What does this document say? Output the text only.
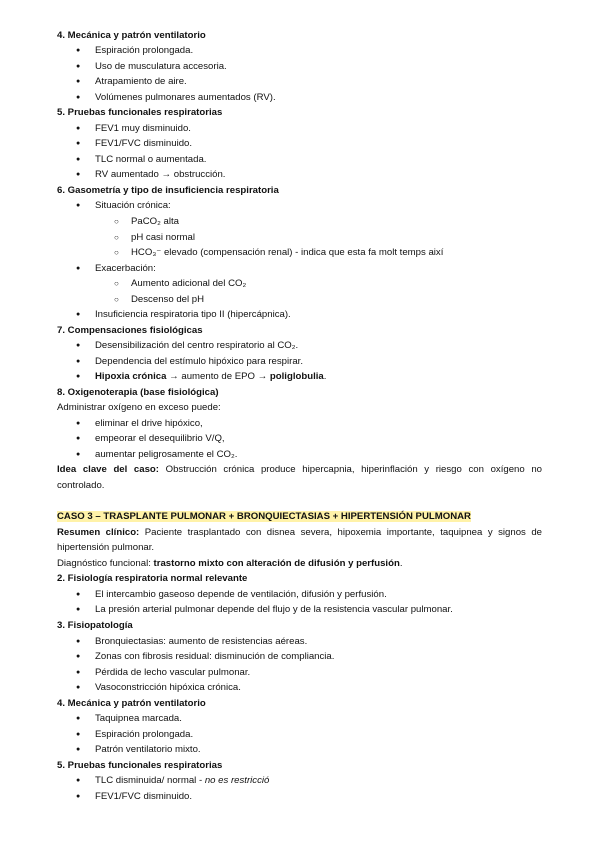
4. Mecánica y patrón ventilatorio
● Espiración prolongada.
● Uso de musculatura accesoria.
● Atrapamiento de aire.
● Volúmenes pulmonares aumentados (RV).
5. Pruebas funcionales respiratorias
● FEV1 muy disminuido.
● FEV1/FVC disminuido.
● TLC normal o aumentada.
● RV aumentado → obstrucción.
6. Gasometría y tipo de insuficiencia respiratoria
● Situación crónica:
○ PaCO₂ alta
○ pH casi normal
○ HCO₃⁻ elevado (compensación renal) - indica que esta fa molt temps així
● Exacerbación:
○ Aumento adicional del CO₂
○ Descenso del pH
● Insuficiencia respiratoria tipo II (hipercápnica).
7. Compensaciones fisiológicas
● Desensibilización del centro respiratorio al CO₂.
● Dependencia del estímulo hipóxico para respirar.
● Hipoxia crónica → aumento de EPO → poliglobulia.
8. Oxigenoterapia (base fisiológica)
Administrar oxígeno en exceso puede:
● eliminar el drive hipóxico,
● empeorar el desequilibrio V/Q,
● aumentar peligrosamente el CO₂.
Idea clave del caso: Obstrucción crónica produce hipercapnia, hiperinflación y riesgo con oxígeno no
controlado.
CASO 3 – TRASPLANTE PULMONAR + BRONQUIECTASIAS + HIPERTENSIÓN PULMONAR
Resumen clínico: Paciente trasplantado con disnea severa, hipoxemia importante, taquipnea y signos de
hipertensión pulmonar.
Diagnóstico funcional: trastorno mixto con alteración de difusión y perfusión.
2. Fisiología respiratoria normal relevante
● El intercambio gaseoso depende de ventilación, difusión y perfusión.
● La presión arterial pulmonar depende del flujo y de la resistencia vascular pulmonar.
3. Fisiopatología
● Bronquiectasias: aumento de resistencias aéreas.
● Zonas con fibrosis residual: disminución de compliancia.
● Pérdida de lecho vascular pulmonar.
● Vasoconstricción hipóxica crónica.
4. Mecánica y patrón ventilatorio
● Taquipnea marcada.
● Espiración prolongada.
● Patrón ventilatorio mixto.
5. Pruebas funcionales respiratorias
● TLC disminuida/ normal - no es restricció
● FEV1/FVC disminuido.
